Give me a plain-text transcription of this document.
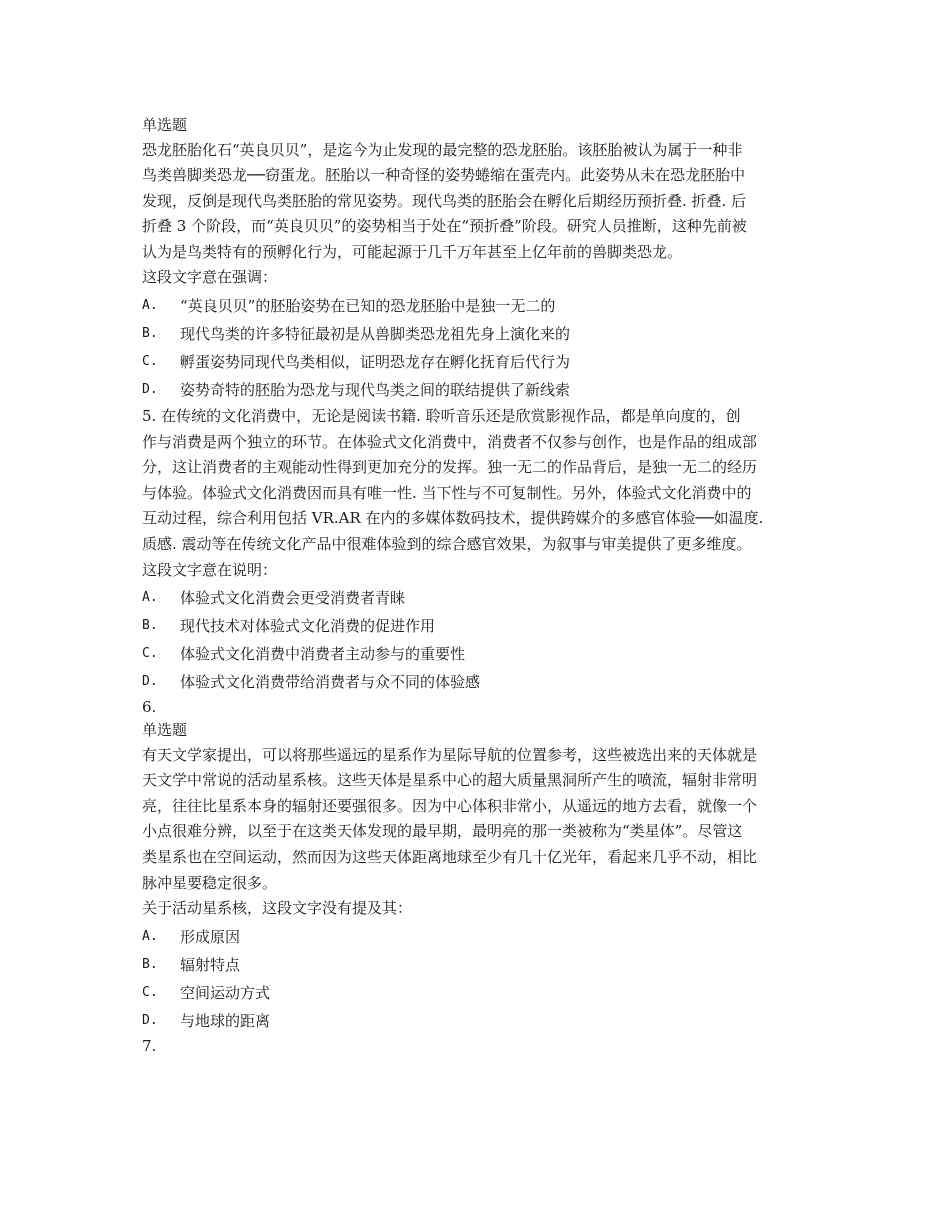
单选题
恐龙胚胎化石“英良贝贝”，是迄今为止发现的最完整的恐龙胚胎。该胚胎被认为属于一种非
鸟类兽脚类恐龙──窃蛋龙。胚胎以一种奇怪的姿势蜷缩在蛋壳内。此姿势从未在恐龙胚胎中
发现，反倒是现代鸟类胚胎的常见姿势。现代鸟类的胚胎会在孵化后期经历预折叠. 折叠. 后
折叠 3 个阶段，而“英良贝贝”的姿势相当于处在“预折叠”阶段。研究人员推断，这种先前被
认为是鸟类特有的预孵化行为，可能起源于几千万年甚至上亿年前的兽脚类恐龙。
这段文字意在强调：
A.	“英良贝贝”的胚胎姿势在已知的恐龙胚胎中是独一无二的
B.	现代鸟类的许多特征最初是从兽脚类恐龙祖先身上演化来的
C.	孵蛋姿势同现代鸟类相似，证明恐龙存在孵化抚育后代行为
D.	姿势奇特的胚胎为恐龙与现代鸟类之间的联结提供了新线索
5. 在传统的文化消费中，无论是阅读书籍. 聆听音乐还是欣赏影视作品，都是单向度的，创
作与消费是两个独立的环节。在体验式文化消费中，消费者不仅参与创作，也是作品的组成部
分，这让消费者的主观能动性得到更加充分的发挥。独一无二的作品背后，是独一无二的经历
与体验。体验式文化消费因而具有唯一性. 当下性与不可复制性。另外，体验式文化消费中的
互动过程，综合利用包括 VR.AR 在内的多媒体数码技术，提供跨媒介的多感官体验──如温度.
质感. 震动等在传统文化产品中很难体验到的综合感官效果，为叙事与审美提供了更多维度。
这段文字意在说明：
A.	体验式文化消费会更受消费者青睐
B.	现代技术对体验式文化消费的促进作用
C.	体验式文化消费中消费者主动参与的重要性
D.	体验式文化消费带给消费者与众不同的体验感
6.
单选题
有天文学家提出，可以将那些遥远的星系作为星际导航的位置参考，这些被选出来的天体就是
天文学中常说的活动星系核。这些天体是星系中心的超大质量黑洞所产生的喷流，辐射非常明
亮，往往比星系本身的辐射还要强很多。因为中心体积非常小，从遥远的地方去看，就像一个
小点很难分辨，以至于在这类天体发现的最早期，最明亮的那一类被称为“类星体”。尽管这
类星系也在空间运动，然而因为这些天体距离地球至少有几十亿光年，看起来几乎不动，相比
脉冲星要稳定很多。
关于活动星系核，这段文字没有提及其：
A.	形成原因
B.	辐射特点
C.	空间运动方式
D.	与地球的距离
7.
